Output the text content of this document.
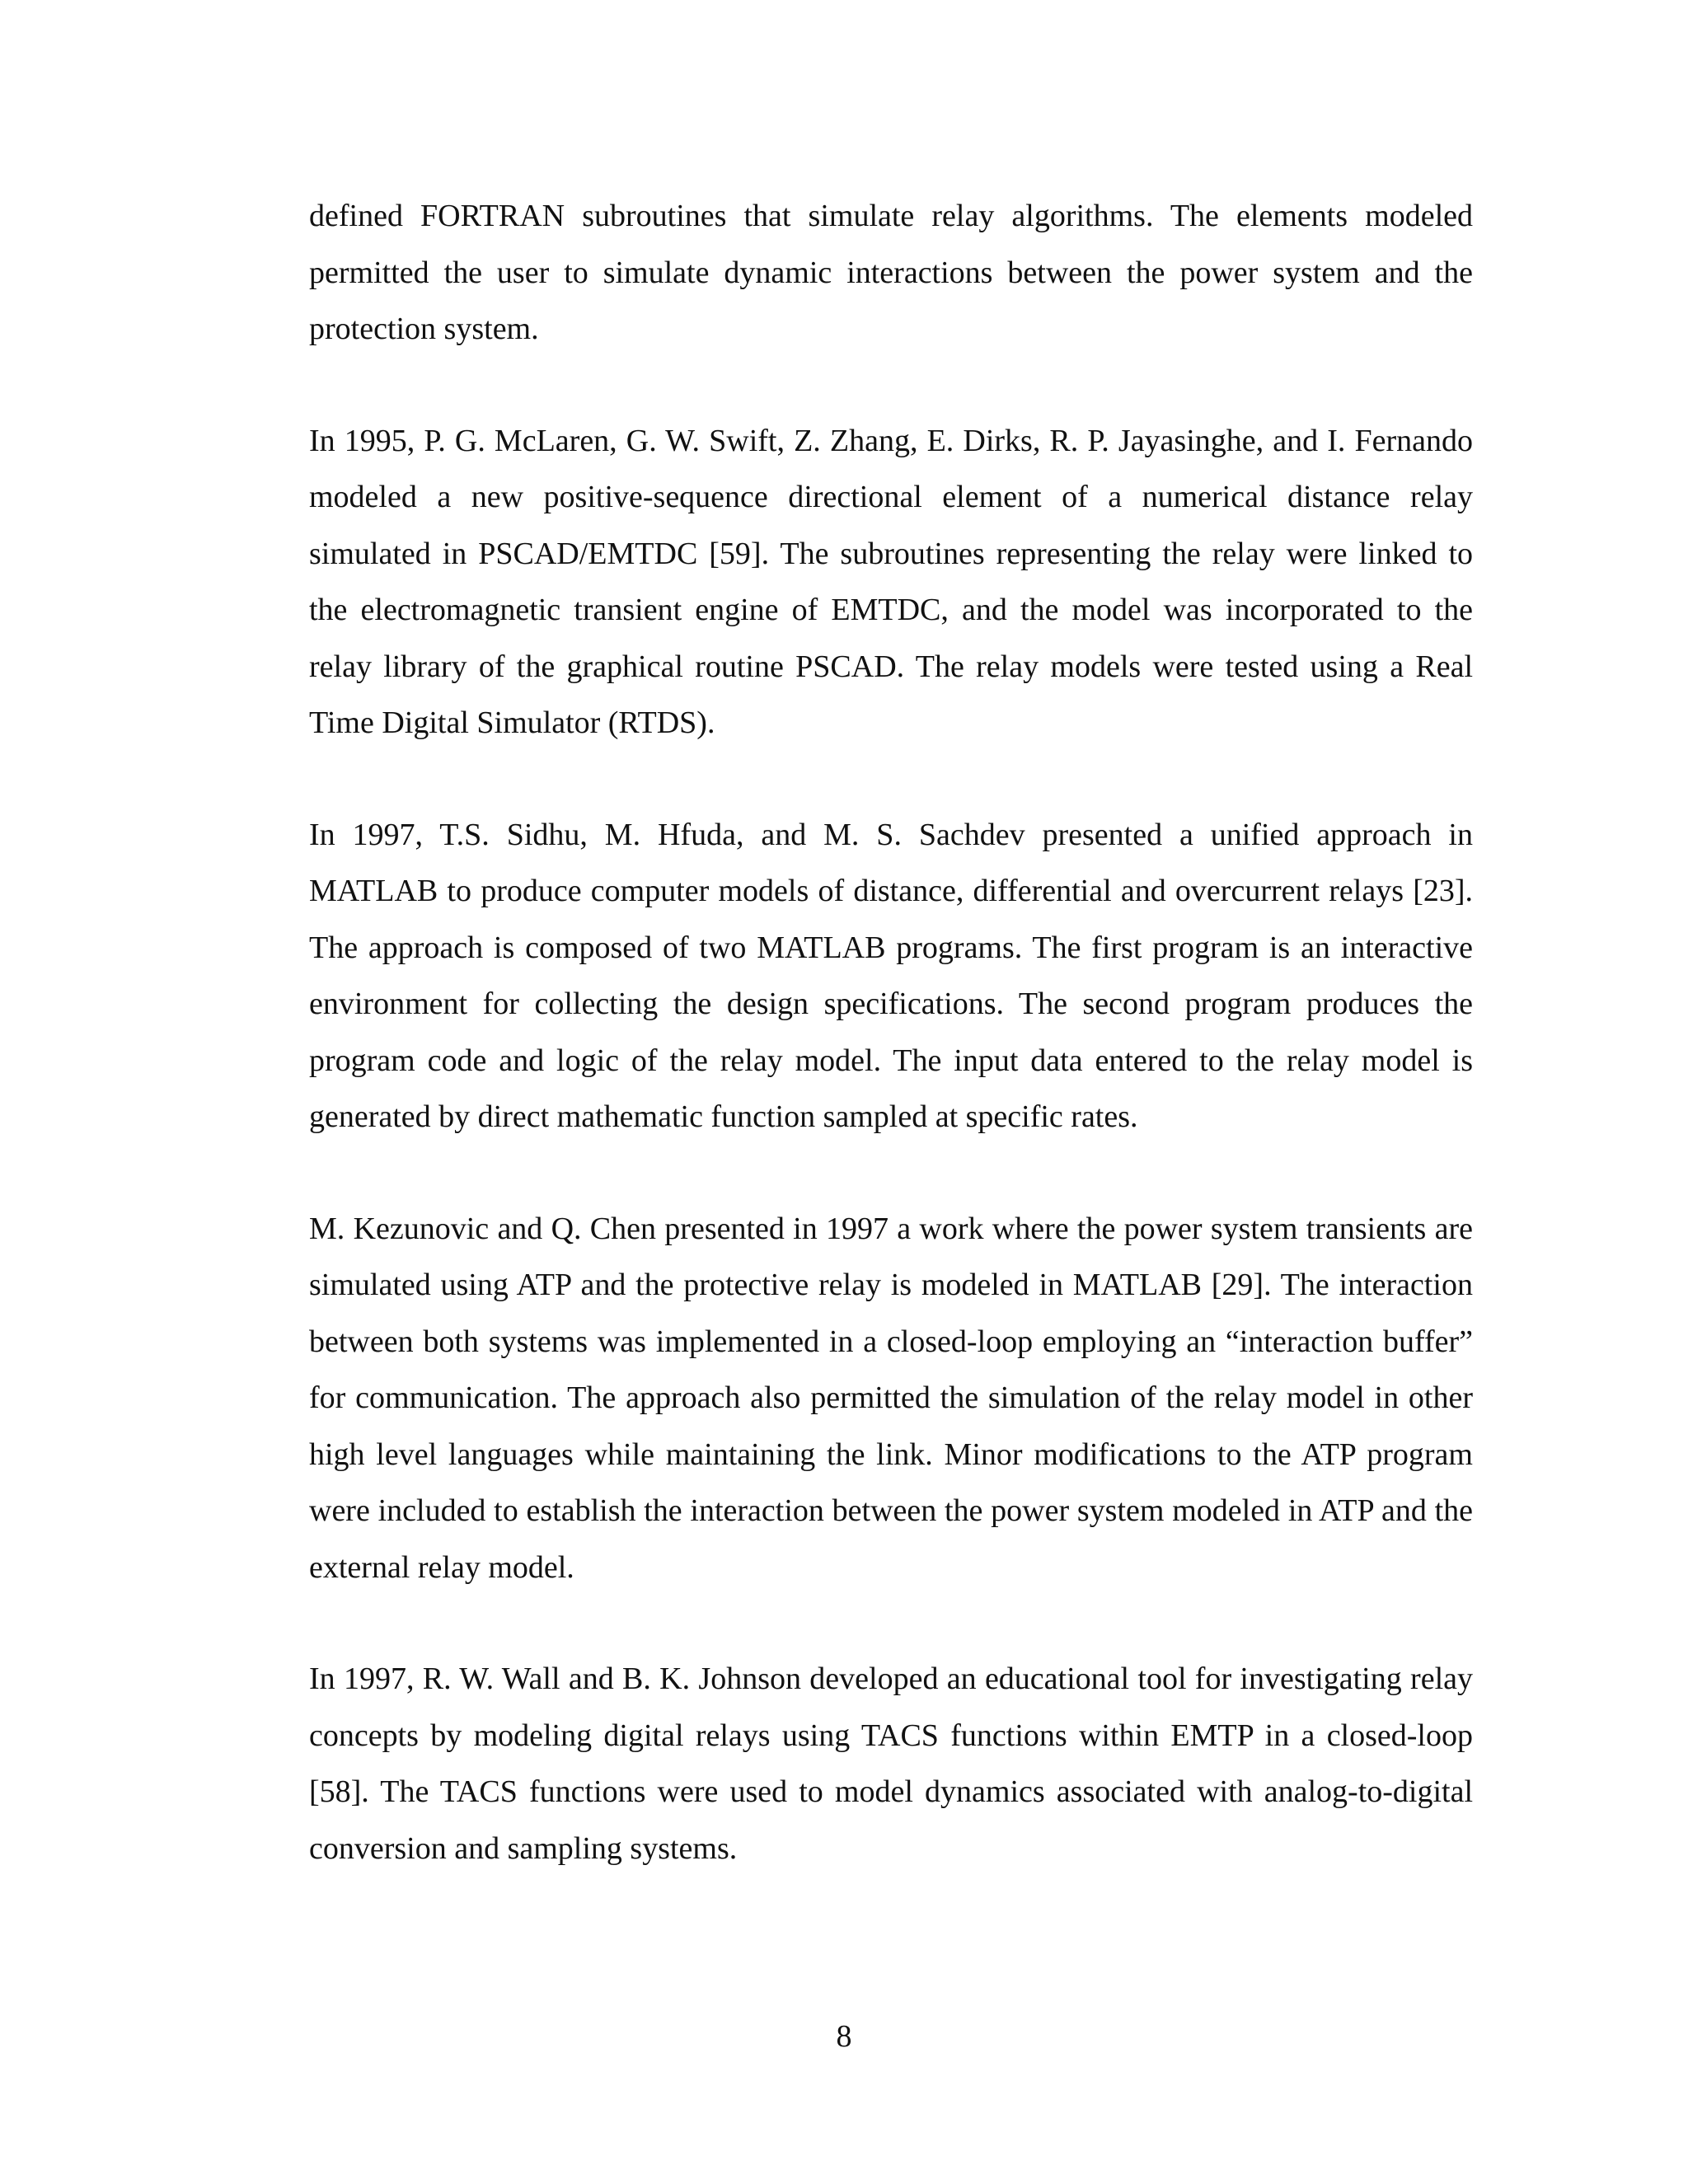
defined FORTRAN subroutines that simulate relay algorithms. The elements modeled permitted the user to simulate dynamic interactions between the power system and the protection system.

In 1995, P. G. McLaren, G. W. Swift, Z. Zhang, E. Dirks, R. P. Jayasinghe, and I. Fernando modeled a new positive-sequence directional element of a numerical distance relay simulated in PSCAD/EMTDC [59]. The subroutines representing the relay were linked to the electromagnetic transient engine of EMTDC, and the model was incorporated to the relay library of the graphical routine PSCAD. The relay models were tested using a Real Time Digital Simulator (RTDS).

In 1997, T.S. Sidhu, M. Hfuda, and M. S. Sachdev presented a unified approach in MATLAB to produce computer models of distance, differential and overcurrent relays [23]. The approach is composed of two MATLAB programs. The first program is an interactive environment for collecting the design specifications. The second program produces the program code and logic of the relay model. The input data entered to the relay model is generated by direct mathematic function sampled at specific rates.

M. Kezunovic and Q. Chen presented in 1997 a work where the power system transients are simulated using ATP and the protective relay is modeled in MATLAB [29]. The interaction between both systems was implemented in a closed-loop employing an “interaction buffer” for communication. The approach also permitted the simulation of the relay model in other high level languages while maintaining the link. Minor modifications to the ATP program were included to establish the interaction between the power system modeled in ATP and the external relay model.

In 1997, R. W. Wall and B. K. Johnson developed an educational tool for investigating relay concepts by modeling digital relays using TACS functions within EMTP in a closed-loop [58]. The TACS functions were used to model dynamics associated with analog-to-digital conversion and sampling systems.

8
